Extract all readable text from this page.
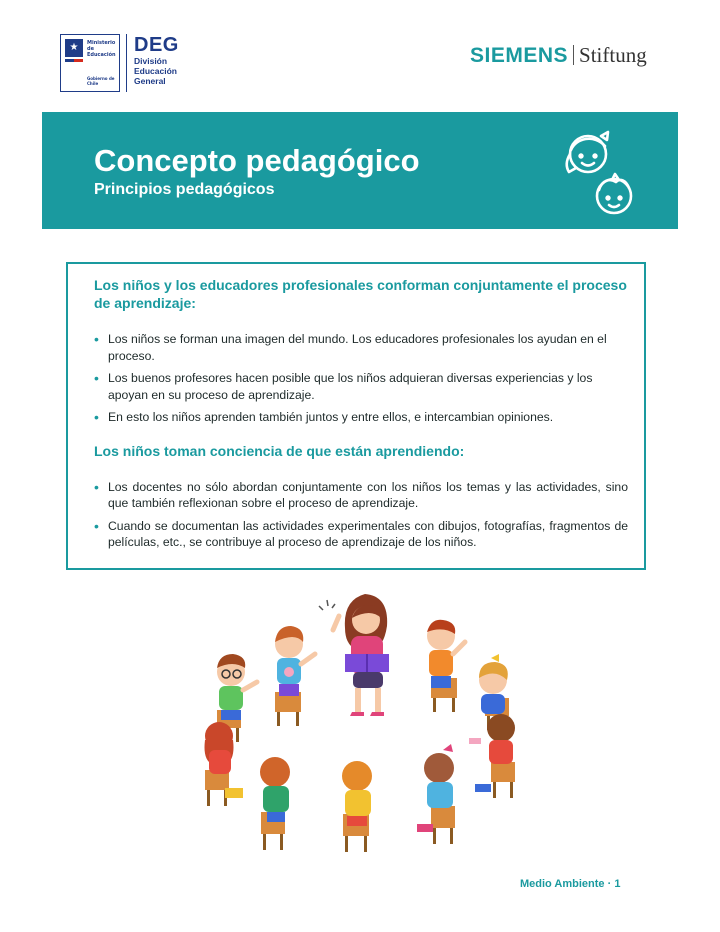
★	Ministerio de Educación
Gobierno de Chile
DEG
División
Educación
General
SIEMENS Stiftung
Concepto pedagógico
Principios pedagógicos
Los niños y los educadores profesionales conforman conjuntamente el proceso de aprendizaje:
• Los niños se forman una imagen del mundo. Los educadores profesionales los ayudan en el proceso.
• Los buenos profesores hacen posible que los niños adquieran diversas experiencias y los apoyan en su proceso de aprendizaje.
• En esto los niños aprenden también juntos y entre ellos, e intercambian opiniones.
Los niños toman conciencia de que están aprendiendo:
• Los docentes no sólo abordan conjuntamente con los niños los temas y las actividades, sino que también reflexionan sobre el proceso de aprendizaje.
• Cuando se documentan las actividades experimentales con dibujos, fotografías, fragmentos de películas, etc., se contribuye al proceso de aprendizaje de los niños.
Medio Ambiente · 1
